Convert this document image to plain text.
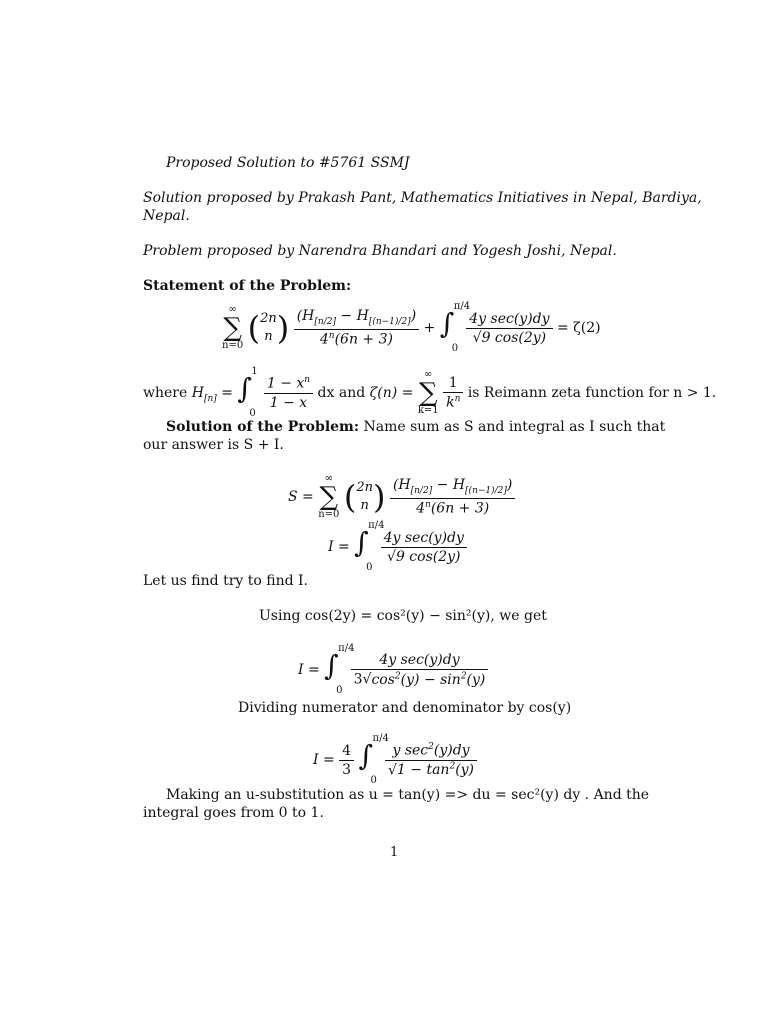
Proposed Solution to #5761 SSMJ
Solution proposed by Prakash Pant, Mathematics Initiatives in Nepal, Bardiya,
Nepal.
Problem proposed by Narendra Bhandari and Yogesh Joshi, Nepal.
Statement of the Problem:
∞
∑
n=0 (2n
n ) $\frac{(H_{[n/2]} - H_{[(n-1)/2]})}{4^n(6n + 3)}$ + ∫
π/4
0

$\frac{\text{4y sec(y)dy}}{√9 \cos(2y)} = \zeta(2)$
where $H_{[n]}$ = ∫
1
0

$\frac{1 - x^n}{1 - x}$ dx and ζ(n) =
∞
∑
k=1

$\frac{1}{k^n}$ is Reimann zeta function for n > 1.
Solution of the Problem: Name sum as S and integral as I such that
our answer is S + I.
S =
∞
∑
n=0 (2n
n ) $\frac{(H_{[n/2]} - H_{[(n-1)/2]})}{4^n(6n + 3)}$
I = ∫
π/4
0

$\frac{\text{4y sec(y)dy}}{√9 \cos(2y)}$
Let us find try to find I.
Using cos(2y) = cos²(y) − sin²(y), we get
I = ∫
π/4
0

$\frac{\text{4y sec(y)dy}}{3√\cos^2(y) - \sin^2(y)}$
Dividing numerator and denominator by cos(y)
$I = \frac{4}{3}$
∫
π/4
0

$\frac{y \sec^2(y)dy}{√1 - \tan^2(y)}$
Making an u-substitution as u = tan(y) => du = sec²(y) dy . And the
integral goes from 0 to 1.
1
